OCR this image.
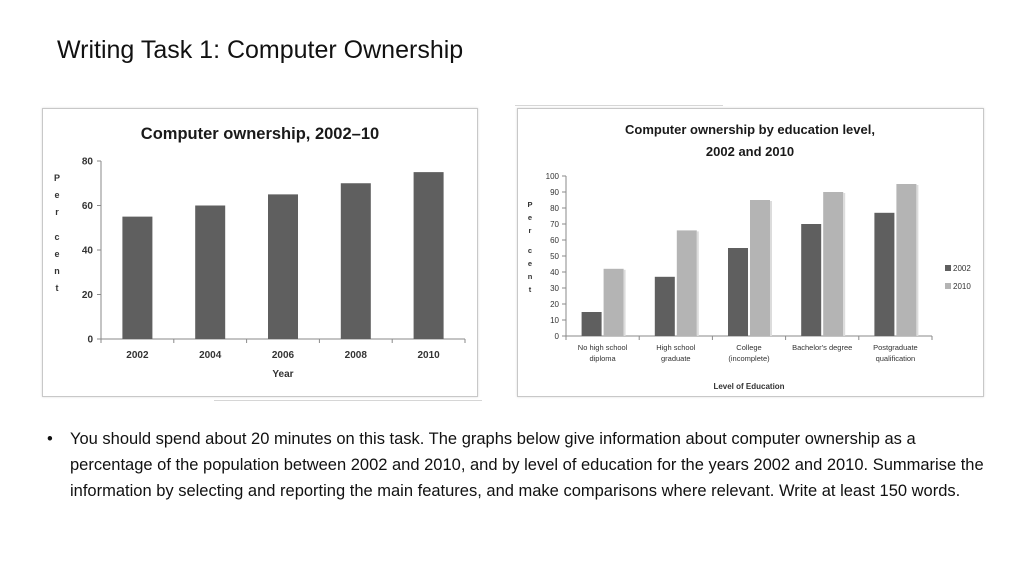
Writing Task 1: Computer Ownership
Computer ownership, 2002–10
0
20
40
60
80
P e r c e n t
2002	2004	2006	2008	2010
Year
Computer ownership by education level,
2002 and 2010
0
10
20
30
40
50
60
70
80
90
100
P e r c e n t
No high school
diploma
High school
graduate
College
(incomplete)
Bachelor's degree	Postgraduate
qualification
Level of Education
2002
2010
• You should spend about 20 minutes on this task. The graphs below give information about computer ownership as a percentage of the population between 2002 and 2010, and by level of education for the years 2002 and 2010. Summarise the information by selecting and reporting the main features, and make comparisons where relevant. Write at least 150 words.
